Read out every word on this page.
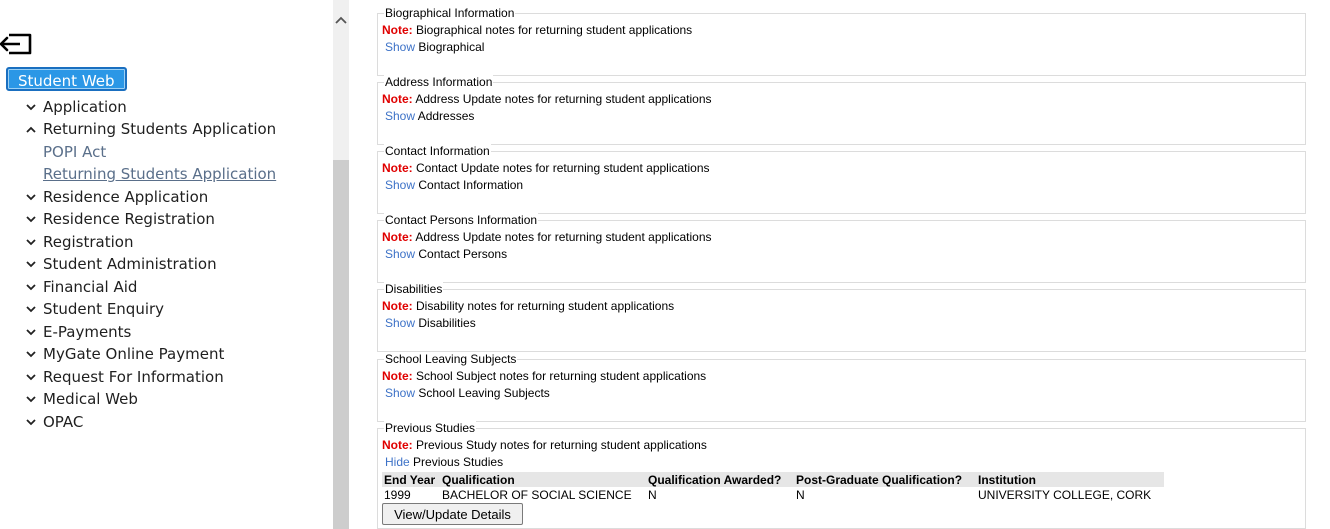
Student Web
Application
Returning Students Application
POPI Act
Returning Students Application
Residence Application
Residence Registration
Registration
Student Administration
Financial Aid
Student Enquiry
E-Payments
MyGate Online Payment
Request For Information
Medical Web
OPAC
Biographical Information
Note: Biographical notes for returning student applications
Show Biographical
Address Information
Note: Address Update notes for returning student applications
Show Addresses
Contact Information
Note: Contact Update notes for returning student applications
Show Contact Information
Contact Persons Information
Note: Address Update notes for returning student applications
Show Contact Persons
Disabilities
Note: Disability notes for returning student applications
Show Disabilities
School Leaving Subjects
Note: School Subject notes for returning student applications
Show School Leaving Subjects
Previous Studies
Note: Previous Study notes for returning student applications
Hide Previous Studies
End Year	Qualification	Qualification Awarded?	Post-Graduate Qualification?	Institution
1999	BACHELOR OF SOCIAL SCIENCE	N	N	UNIVERSITY COLLEGE, CORK
View/Update Details
